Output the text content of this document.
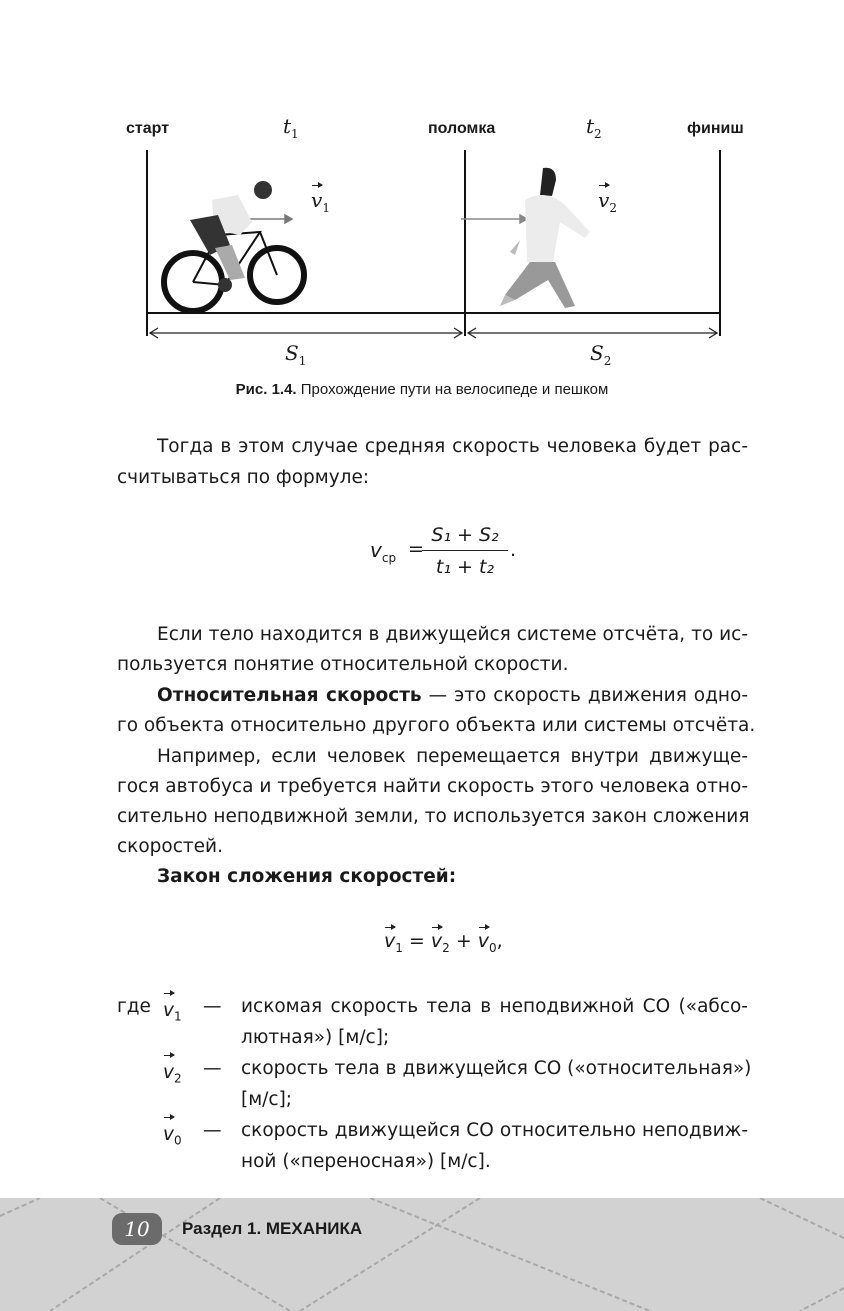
старт	поломка	финиш
$t_1$	$t_2$
$v_1$	$v_2$
$S_1$	$S_2$
Рис. 1.4. Прохождение пути на велосипеде и пешком
Тогда в этом случае средняя скорость человека будет рас-
считываться по формуле:
$v_{ср}$ =
S₁ + S₂
t₁ + t₂
.
Если тело находится в движущейся системе отсчёта, то ис-
пользуется понятие относительной скорости.
Относительная скорость — это скорость движения одно-
го объекта относительно другого объекта или системы отсчёта.
Например, если человек перемещается внутри движуще-
гося автобуса и требуется найти скорость этого человека отно-
сительно неподвижной земли, то используется закон сложения
скоростей.
Закон сложения скоростей:
$v_1 = v_2 + v_0$,
где $v_1$ — искомая скорость тела в неподвижной СО («абсо-
лютная») [м/с];
$v_2$ — скорость тела в движущейся СО («относительная»)
[м/с];
$v_0$ — скорость движущейся СО относительно неподвиж-
ной («переносная») [м/с].
10	Раздел 1. МЕХАНИКА
